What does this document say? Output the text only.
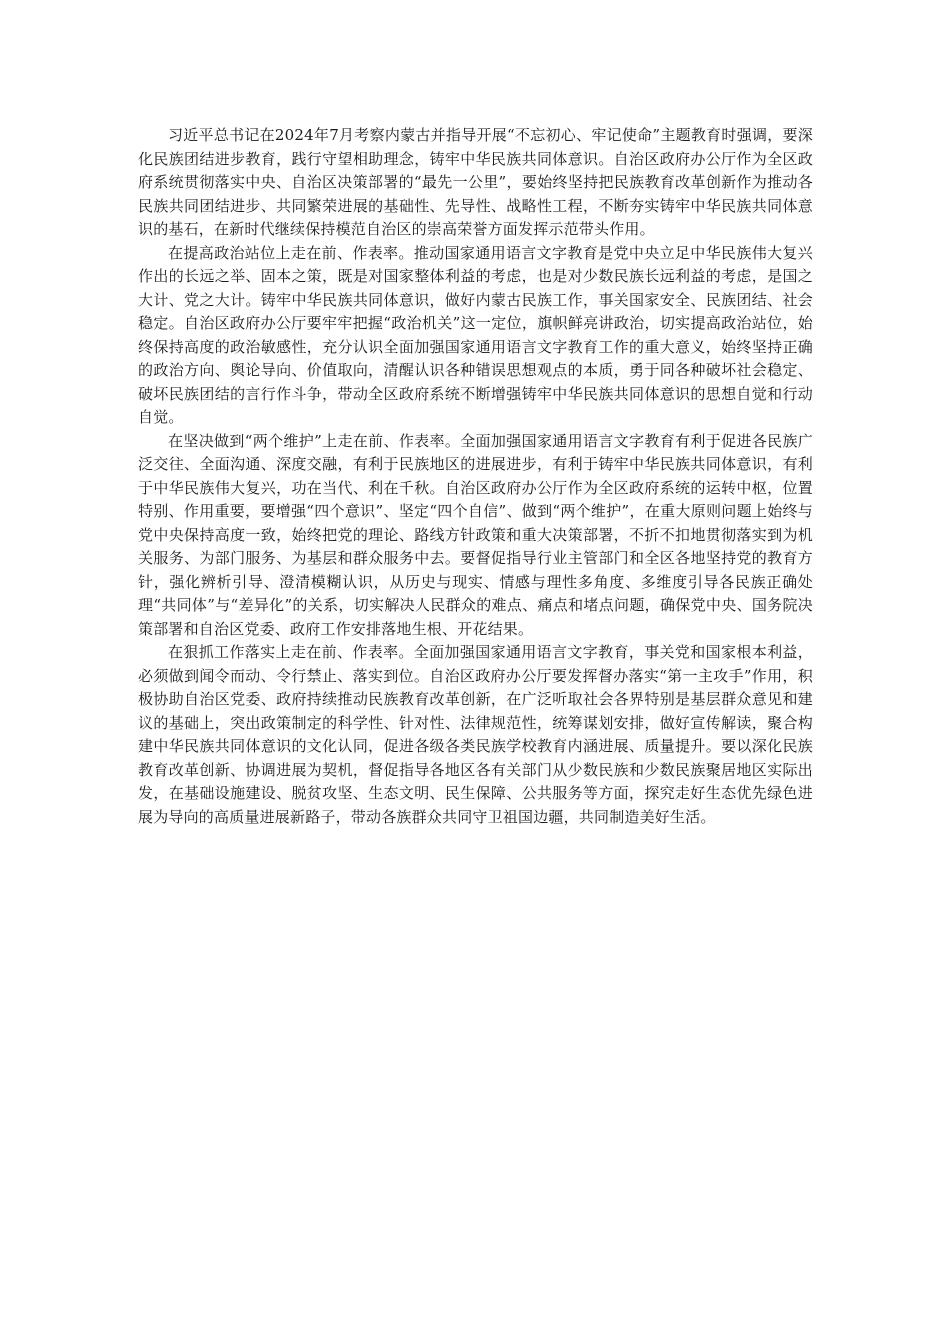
习近平总书记在2024年7月考察内蒙古并指导开展“不忘初心、牢记使命”主题教育时强调，要深化民族团结进步教育，践行守望相助理念，铸牢中华民族共同体意识。自治区政府办公厅作为全区政府系统贯彻落实中央、自治区决策部署的“最先一公里”，要始终坚持把民族教育改革创新作为推动各民族共同团结进步、共同繁荣进展的基础性、先导性、战略性工程，不断夯实铸牢中华民族共同体意识的基石，在新时代继续保持模范自治区的崇高荣誉方面发挥示范带头作用。

在提高政治站位上走在前、作表率。推动国家通用语言文字教育是党中央立足中华民族伟大复兴作出的长远之举、固本之策，既是对国家整体利益的考虑，也是对少数民族长远利益的考虑，是国之大计、党之大计。铸牢中华民族共同体意识，做好内蒙古民族工作，事关国家安全、民族团结、社会稳定。自治区政府办公厅要牢牢把握“政治机关”这一定位，旗帜鲜亮讲政治，切实提高政治站位，始终保持高度的政治敏感性，充分认识全面加强国家通用语言文字教育工作的重大意义，始终坚持正确的政治方向、舆论导向、价值取向，清醒认识各种错误思想观点的本质，勇于同各种破坏社会稳定、破坏民族团结的言行作斗争，带动全区政府系统不断增强铸牢中华民族共同体意识的思想自觉和行动自觉。

在坚决做到“两个维护”上走在前、作表率。全面加强国家通用语言文字教育有利于促进各民族广泛交往、全面沟通、深度交融，有利于民族地区的进展进步，有利于铸牢中华民族共同体意识，有利于中华民族伟大复兴，功在当代、利在千秋。自治区政府办公厅作为全区政府系统的运转中枢，位置特别、作用重要，要增强“四个意识”、坚定“四个自信”、做到“两个维护”，在重大原则问题上始终与党中央保持高度一致，始终把党的理论、路线方针政策和重大决策部署，不折不扣地贯彻落实到为机关服务、为部门服务、为基层和群众服务中去。要督促指导行业主管部门和全区各地坚持党的教育方针，强化辨析引导、澄清模糊认识，从历史与现实、情感与理性多角度、多维度引导各民族正确处理“共同体”与“差异化”的关系，切实解决人民群众的难点、痛点和堵点问题，确保党中央、国务院决策部署和自治区党委、政府工作安排落地生根、开花结果。

在狠抓工作落实上走在前、作表率。全面加强国家通用语言文字教育，事关党和国家根本利益，必须做到闻令而动、令行禁止、落实到位。自治区政府办公厅要发挥督办落实“第一主攻手”作用，积极协助自治区党委、政府持续推动民族教育改革创新，在广泛听取社会各界特别是基层群众意见和建议的基础上，突出政策制定的科学性、针对性、法律规范性，统筹谋划安排，做好宣传解读，聚合构建中华民族共同体意识的文化认同，促进各级各类民族学校教育内涵进展、质量提升。要以深化民族教育改革创新、协调进展为契机，督促指导各地区各有关部门从少数民族和少数民族聚居地区实际出发，在基础设施建设、脱贫攻坚、生态文明、民生保障、公共服务等方面，探究走好生态优先绿色进展为导向的高质量进展新路子，带动各族群众共同守卫祖国边疆，共同制造美好生活。
